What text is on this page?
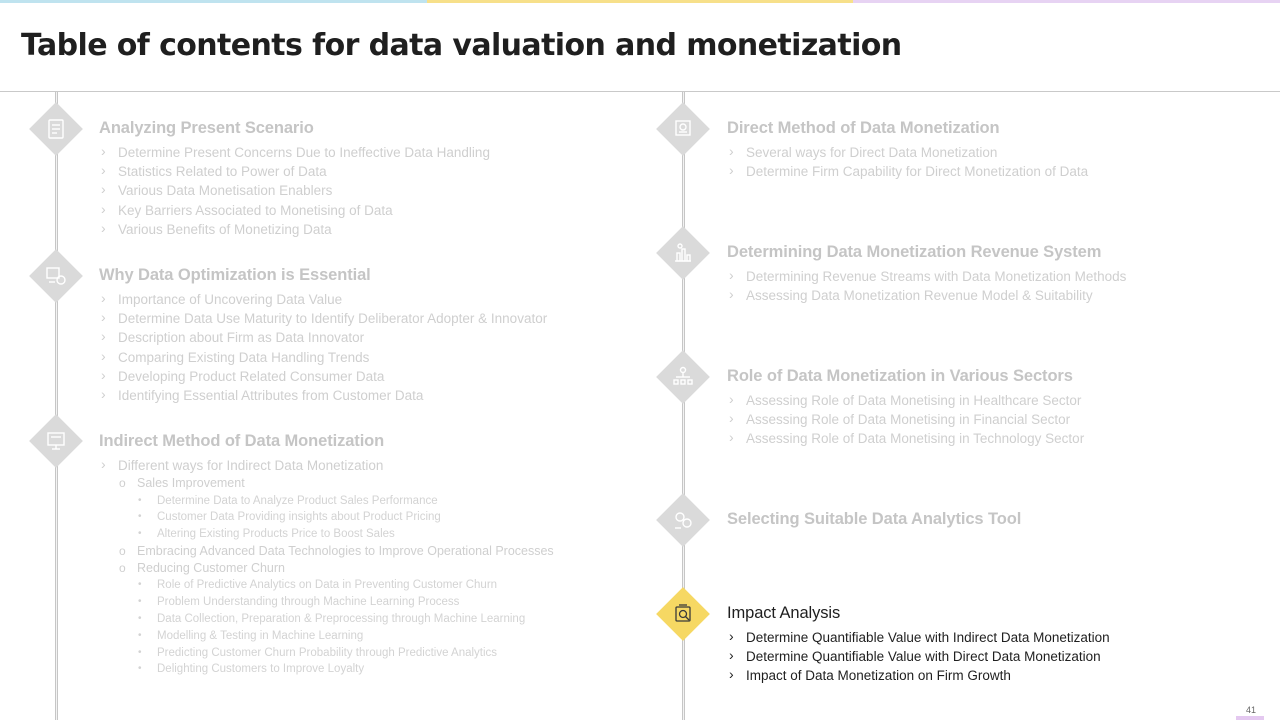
Table of contents for data valuation and monetization
Analyzing Present Scenario
› Determine Present Concerns Due to Ineffective Data Handling
› Statistics Related to Power of Data
› Various Data Monetisation Enablers
› Key Barriers Associated to Monetising of Data
› Various Benefits of Monetizing Data
Why Data Optimization is Essential
› Importance of Uncovering Data Value
› Determine Data Use Maturity to Identify Deliberator Adopter & Innovator
› Description about Firm as Data Innovator
› Comparing Existing Data Handling Trends
› Developing Product Related Consumer Data
› Identifying Essential Attributes from Customer Data
Indirect Method of Data Monetization
› Different ways for Indirect Data Monetization
o Sales Improvement
• Determine Data to Analyze Product Sales Performance
• Customer Data Providing insights about Product Pricing
• Altering Existing Products Price to Boost Sales
o Embracing Advanced Data Technologies to Improve Operational Processes
o Reducing Customer Churn
• Role of Predictive Analytics on Data in Preventing Customer Churn
• Problem Understanding through Machine Learning Process
• Data Collection, Preparation & Preprocessing through Machine Learning
• Modelling & Testing in Machine Learning
• Predicting Customer Churn Probability through Predictive Analytics
• Delighting Customers to Improve Loyalty
Direct Method of Data Monetization
› Several ways for Direct Data Monetization
› Determine Firm Capability for Direct Monetization of Data
Determining Data Monetization Revenue System
› Determining Revenue Streams with Data Monetization Methods
› Assessing Data Monetization Revenue Model & Suitability
Role of Data Monetization in Various Sectors
› Assessing Role of Data Monetising in Healthcare Sector
› Assessing Role of Data Monetising in Financial Sector
› Assessing Role of Data Monetising in Technology Sector
Selecting Suitable Data Analytics Tool
Impact Analysis
› Determine Quantifiable Value with Indirect Data Monetization
› Determine Quantifiable Value with Direct Data Monetization
› Impact of Data Monetization on Firm Growth
41
